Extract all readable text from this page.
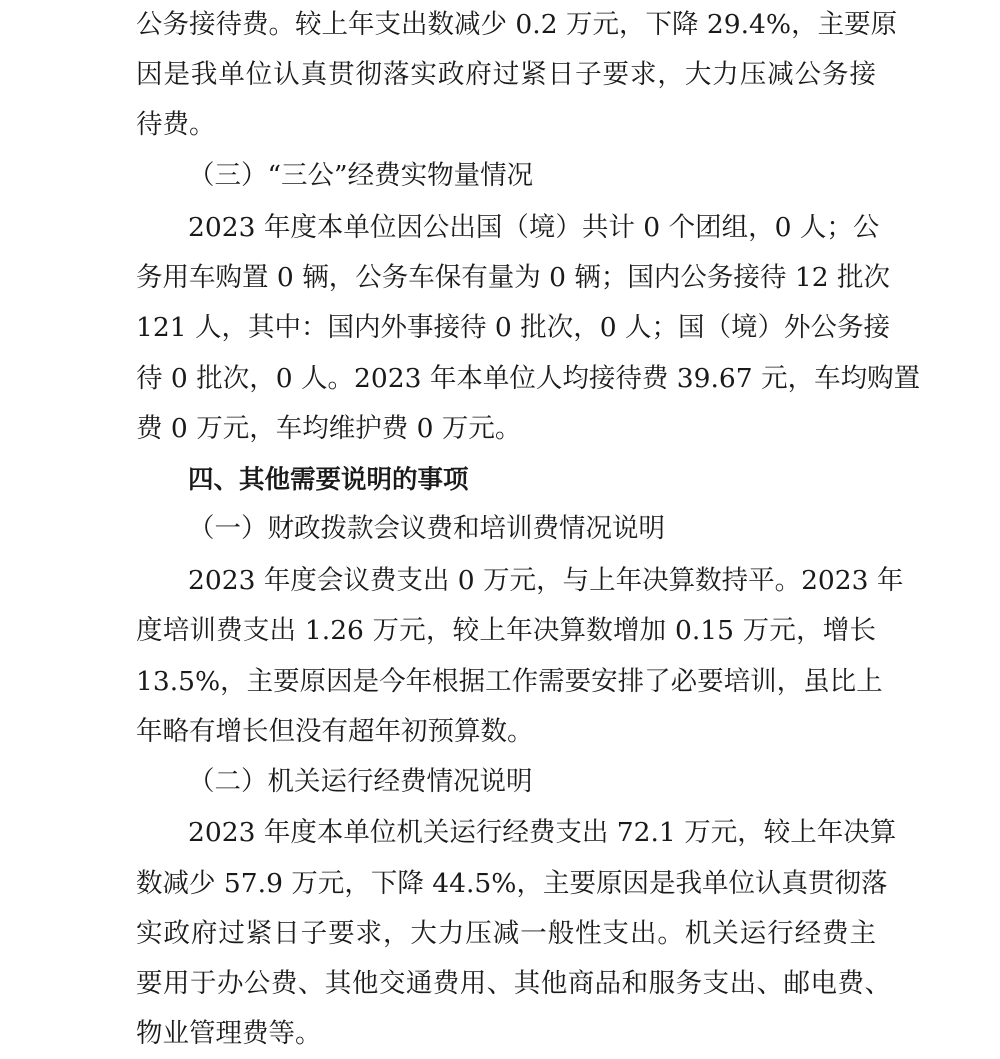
公务接待费。较上年支出数减少 0.2 万元，下降 29.4%，主要原
因是我单位认真贯彻落实政府过紧日子要求，大力压减公务接
待费。
（三）“三公”经费实物量情况
2023 年度本单位因公出国（境）共计 0 个团组，0 人；公
务用车购置 0 辆，公务车保有量为 0 辆；国内公务接待 12 批次
121 人，其中：国内外事接待 0 批次，0 人；国（境）外公务接
待 0 批次，0 人。2023 年本单位人均接待费 39.67 元，车均购置
费 0 万元，车均维护费 0 万元。
四、其他需要说明的事项
（一）财政拨款会议费和培训费情况说明
2023 年度会议费支出 0 万元，与上年决算数持平。2023 年
度培训费支出 1.26 万元，较上年决算数增加 0.15 万元，增长
13.5%，主要原因是今年根据工作需要安排了必要培训，虽比上
年略有增长但没有超年初预算数。
（二）机关运行经费情况说明
2023 年度本单位机关运行经费支出 72.1 万元，较上年决算
数减少 57.9 万元，下降 44.5%，主要原因是我单位认真贯彻落
实政府过紧日子要求，大力压减一般性支出。机关运行经费主
要用于办公费、其他交通费用、其他商品和服务支出、邮电费、
物业管理费等。
